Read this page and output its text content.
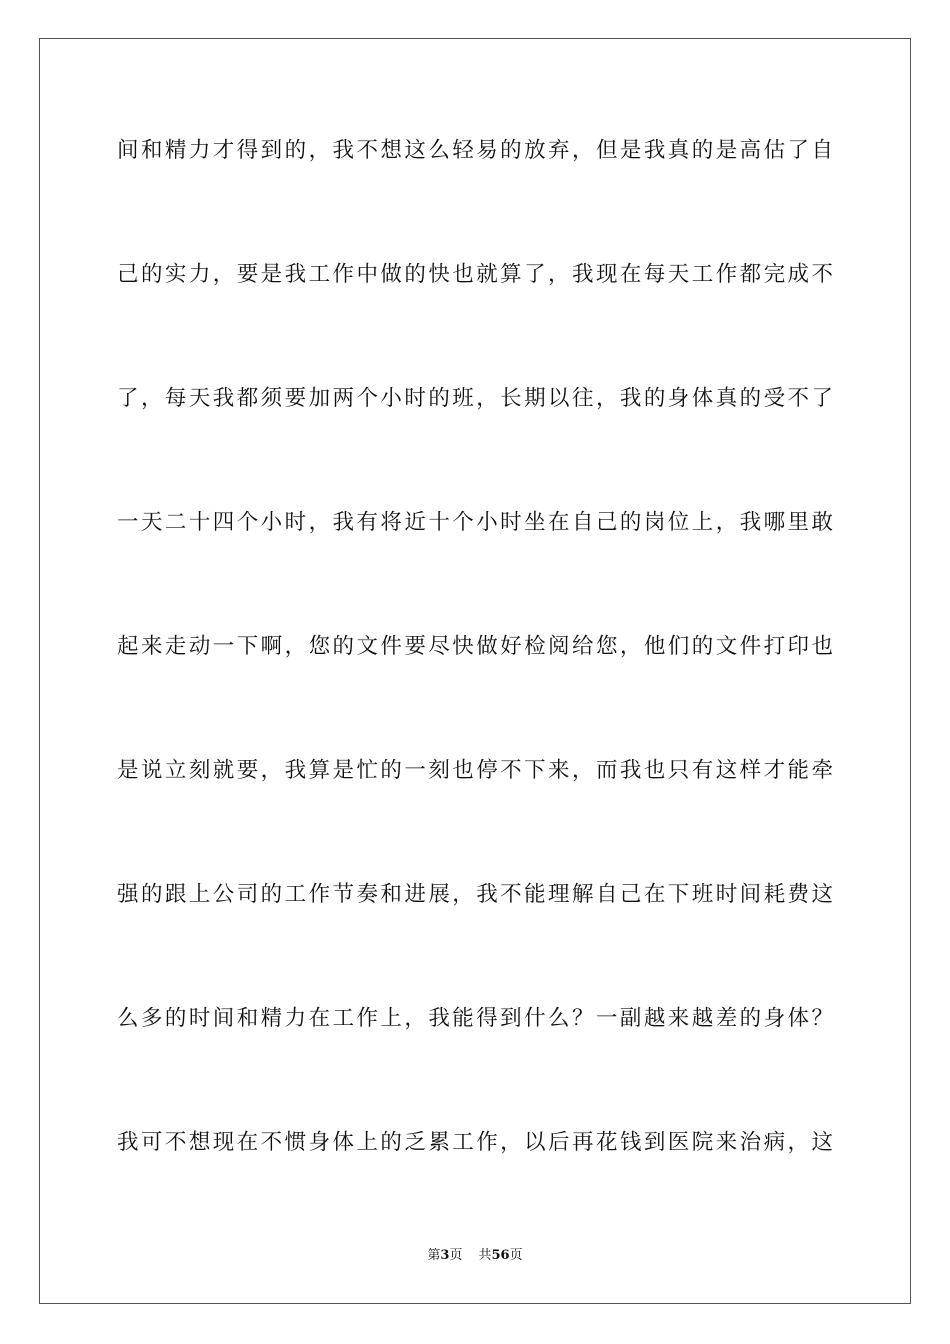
间和精力才得到的，我不想这么轻易的放弃，但是我真的是高估了自
己的实力，要是我工作中做的快也就算了，我现在每天工作都完成不
了，每天我都须要加两个小时的班，长期以往，我的身体真的受不了
一天二十四个小时，我有将近十个小时坐在自己的岗位上，我哪里敢
起来走动一下啊，您的文件要尽快做好检阅给您，他们的文件打印也
是说立刻就要，我算是忙的一刻也停不下来，而我也只有这样才能牵
强的跟上公司的工作节奏和进展，我不能理解自己在下班时间耗费这
么多的时间和精力在工作上，我能得到什么？一副越来越差的身体？
我可不想现在不惯身体上的乏累工作，以后再花钱到医院来治病，这
第3页 共56页
